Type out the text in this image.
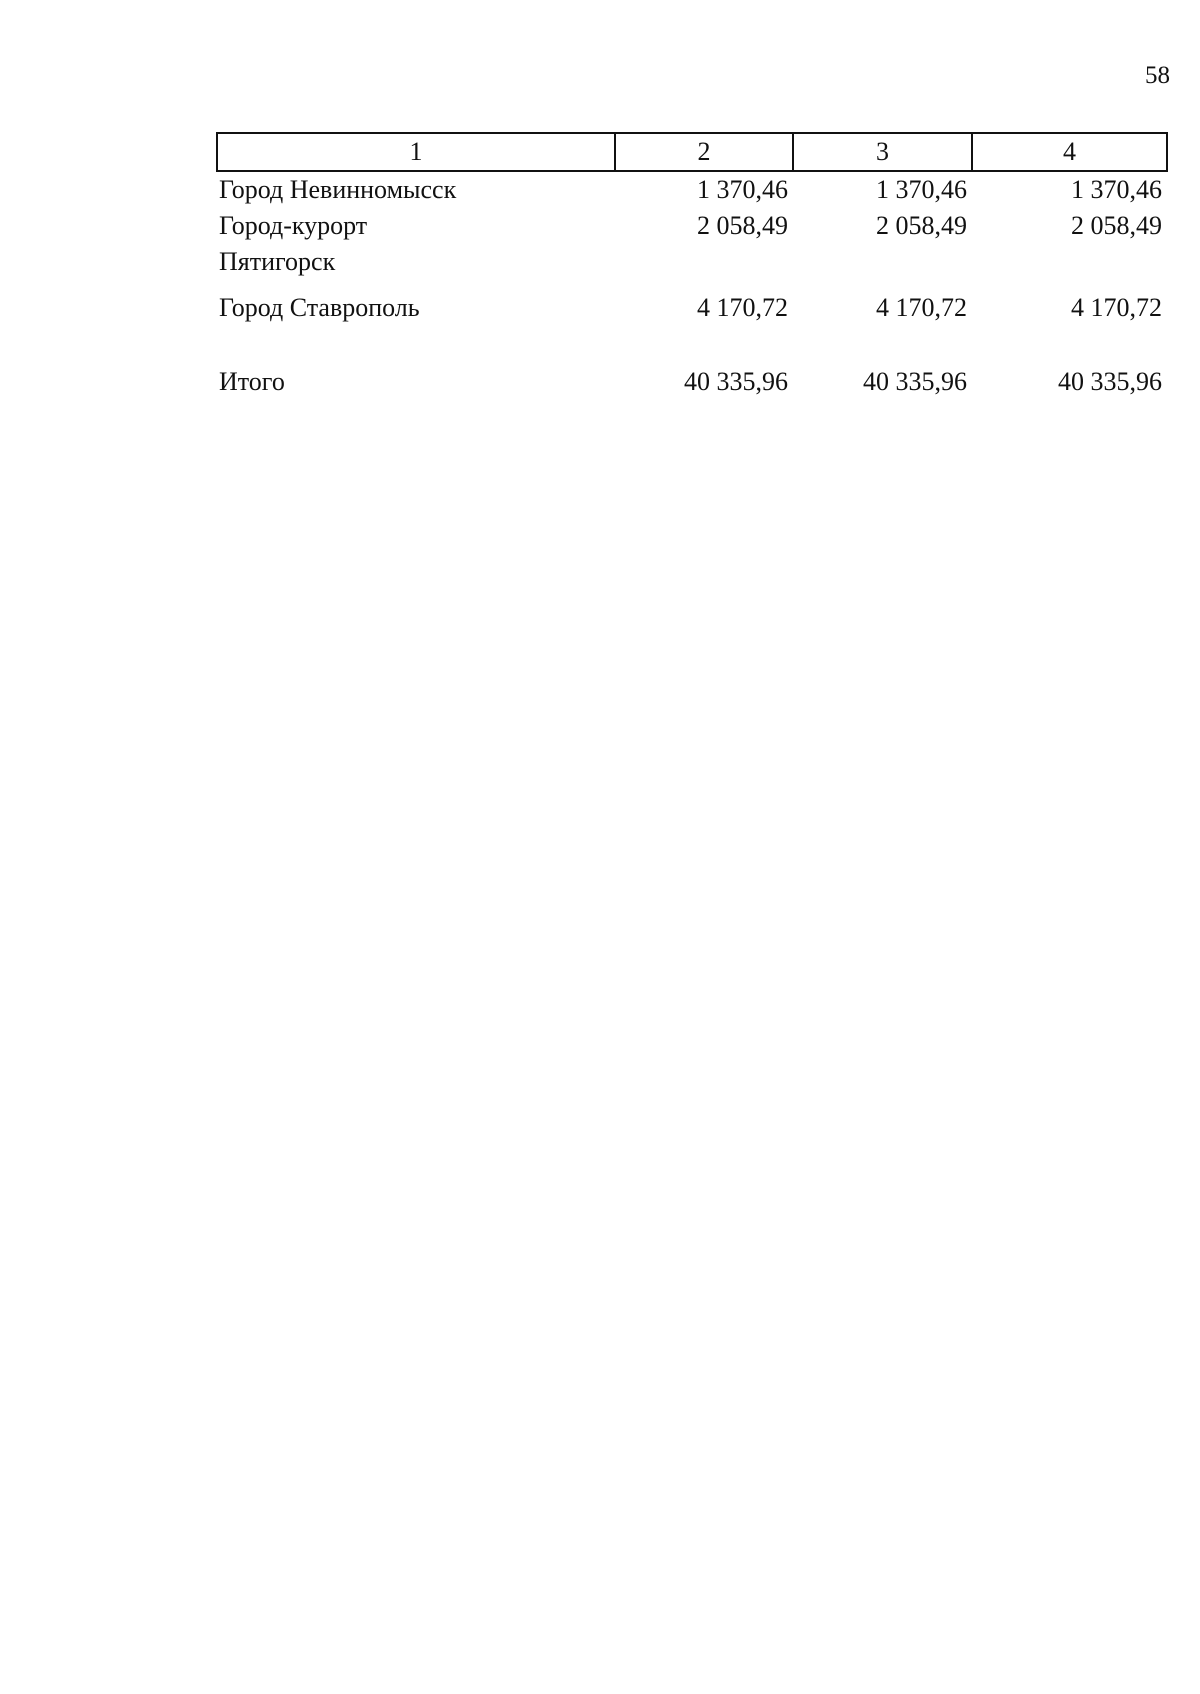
58
1	2	3	4
Город Невинномысск	1 370,46	1 370,46	1 370,46

Город-курорт Пятигорск	2 058,49	2 058,49	2 058,49
Город Ставрополь	4 170,72	4 170,72	4 170,72

Итого	40 335,96	40 335,96	40 335,96
